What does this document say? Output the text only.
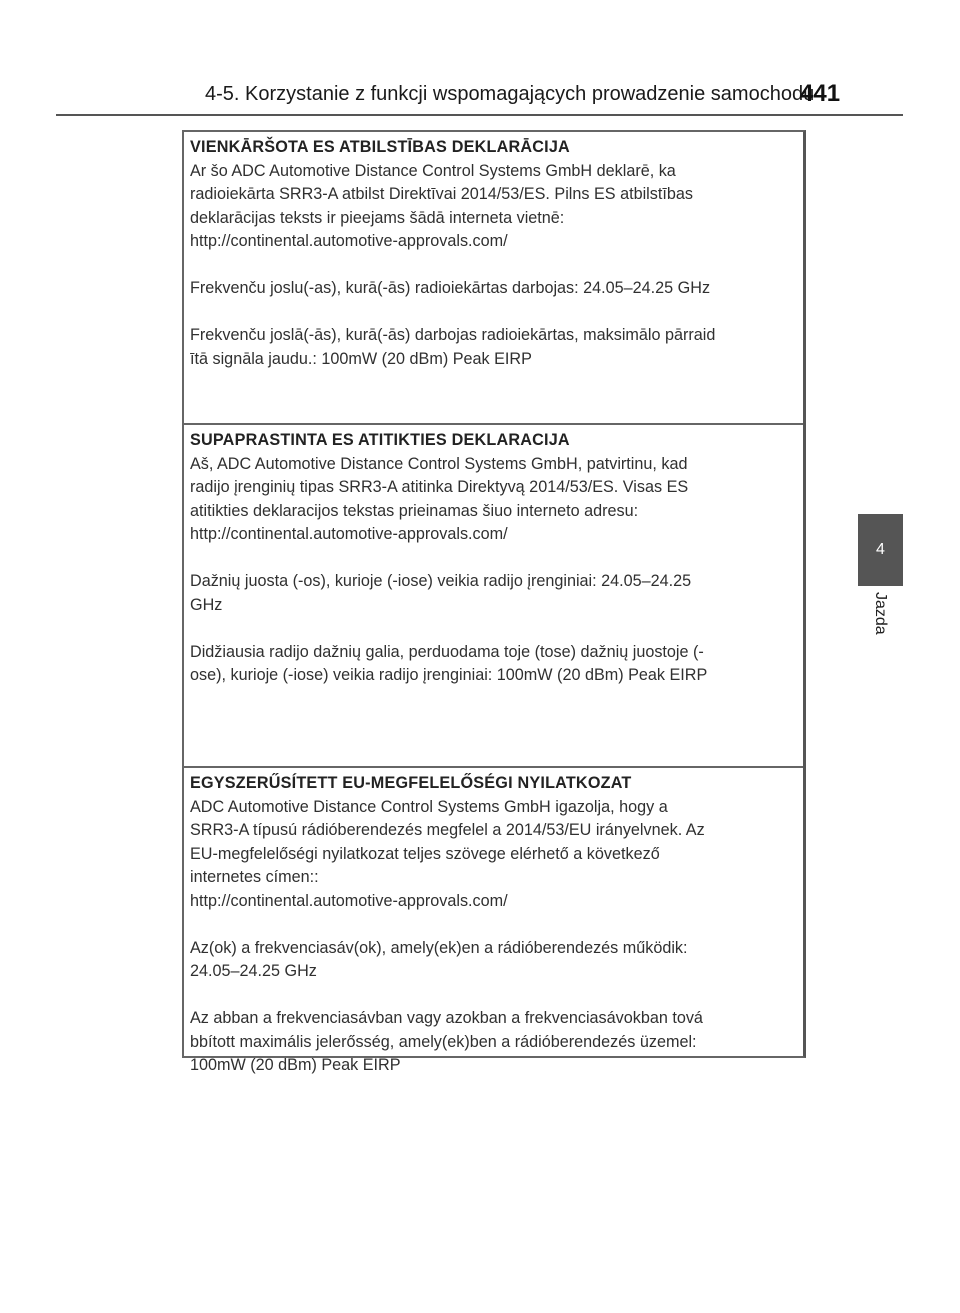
4-5. Korzystanie z funkcji wspomagających prowadzenie samochodu
441
4
Jazda
VIENKĀRŠOTA ES ATBILSTĪBAS DEKLARĀCIJA

Ar šo ADC Automotive Distance Control Systems GmbH deklarē, ka

radioiekārta SRR3-A atbilst Direktīvai 2014/53/ES. Pilns ES atbilstības

deklarācijas teksts ir pieejams šādā interneta vietnē:

http://continental.automotive-approvals.com/

Frekvenču joslu(-as), kurā(-ās) radioiekārtas darbojas: 24.05–24.25 GHz

Frekvenču joslā(-ās), kurā(-ās) darbojas radioiekārtas, maksimālo pārraid

ītā signāla jaudu.: 100mW (20 dBm) Peak EIRP

SUPAPRASTINTA ES ATITIKTIES DEKLARACIJA

Aš, ADC Automotive Distance Control Systems GmbH, patvirtinu, kad

radijo įrenginių tipas SRR3-A atitinka Direktyvą 2014/53/ES. Visas ES

atitikties deklaracijos tekstas prieinamas šiuo interneto adresu:

http://continental.automotive-approvals.com/

Dažnių juosta (-os), kurioje (-iose) veikia radijo įrenginiai: 24.05–24.25

GHz

Didžiausia radijo dažnių galia, perduodama toje (tose) dažnių juostoje (-

ose), kurioje (-iose) veikia radijo įrenginiai: 100mW (20 dBm) Peak EIRP

EGYSZERŰSÍTETT EU-MEGFELELŐSÉGI NYILATKOZAT

ADC Automotive Distance Control Systems GmbH igazolja, hogy a

SRR3-A típusú rádióberendezés megfelel a 2014/53/EU irányelvnek. Az

EU-megfelelőségi nyilatkozat teljes szövege elérhető a következő

internetes címen::

http://continental.automotive-approvals.com/

Az(ok) a frekvenciasáv(ok), amely(ek)en a rádióberendezés működik:

24.05–24.25 GHz

Az abban a frekvenciasávban vagy azokban a frekvenciasávokban tová

bbított maximális jelerősség, amely(ek)ben a rádióberendezés üzemel:

100mW (20 dBm) Peak EIRP
